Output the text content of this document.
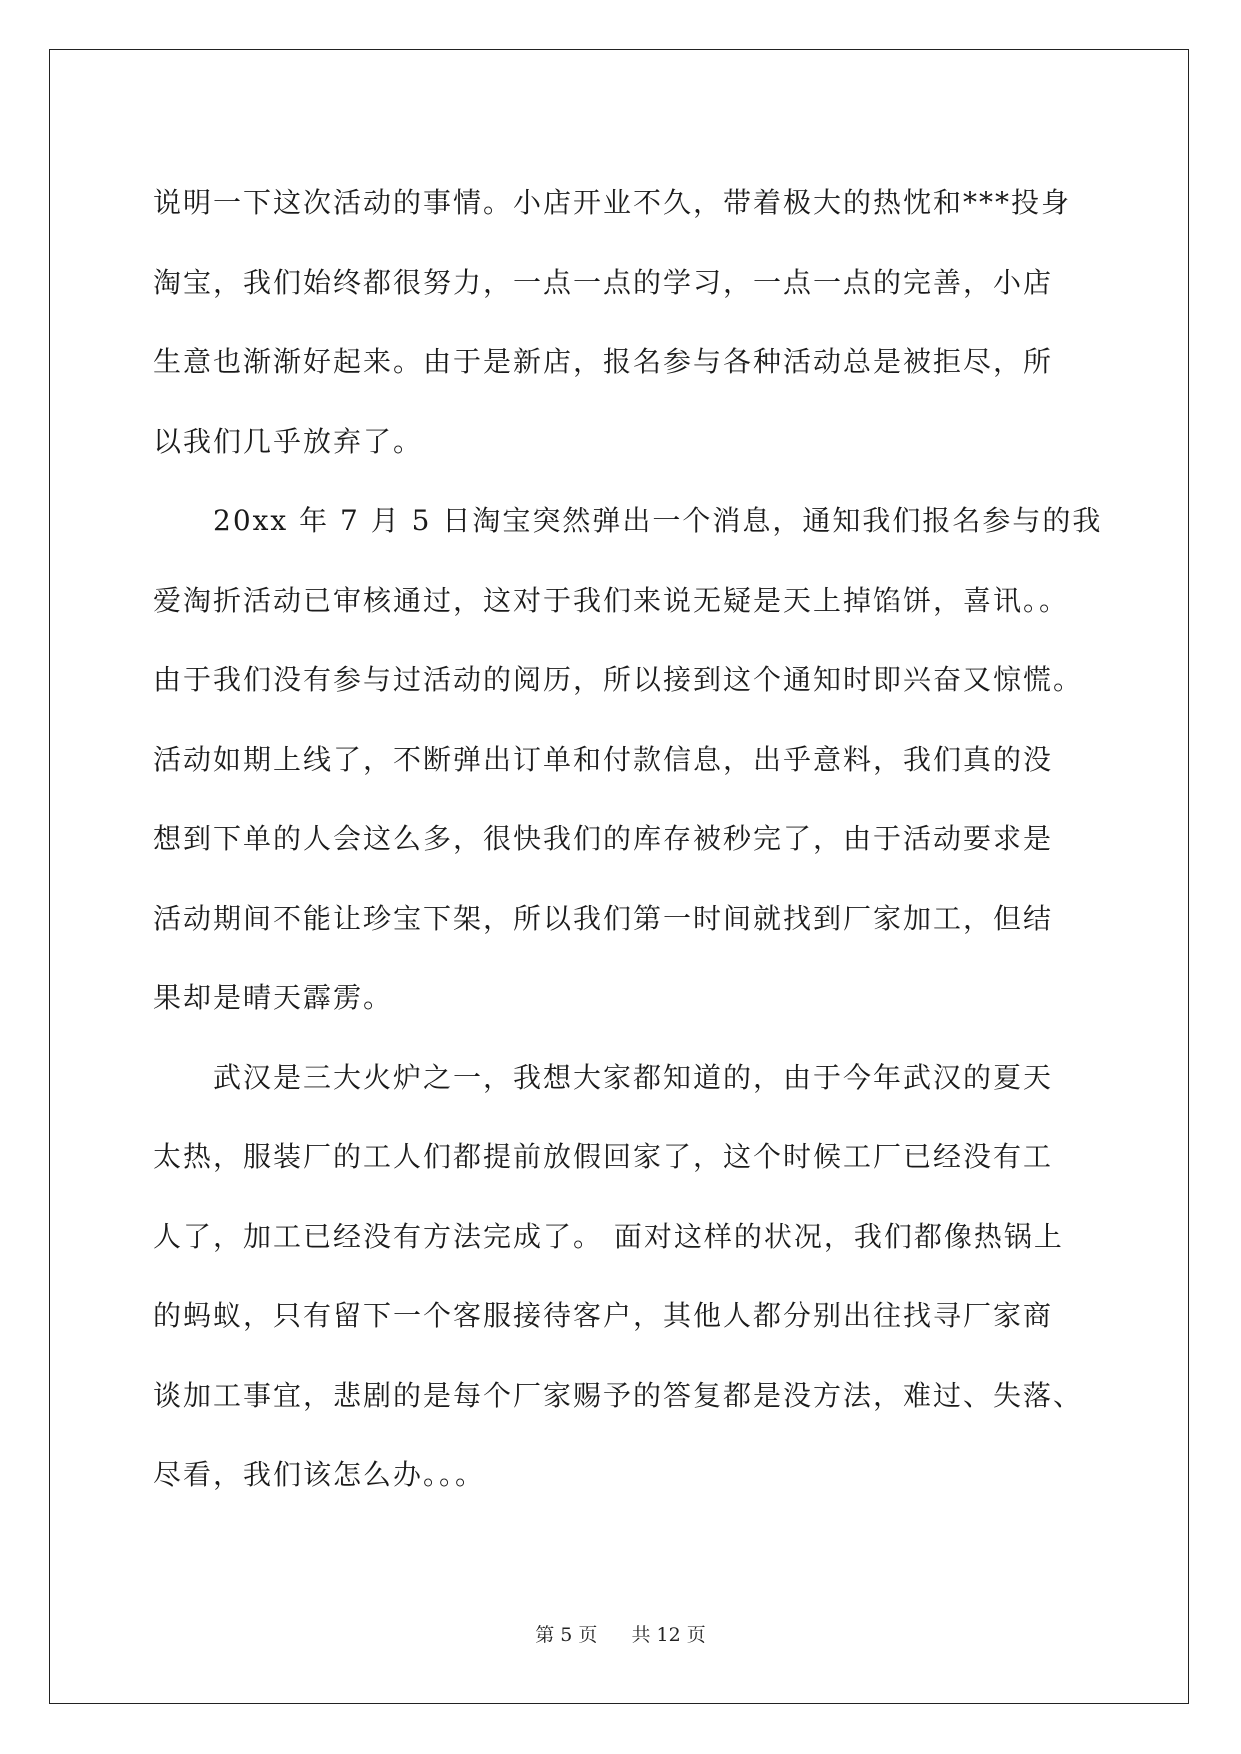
说明一下这次活动的事情。小店开业不久，带着极大的热忱和***投身
淘宝，我们始终都很努力，一点一点的学习，一点一点的完善，小店
生意也渐渐好起来。由于是新店，报名参与各种活动总是被拒尽，所
以我们几乎放弃了。

20xx 年 7 月 5 日淘宝突然弹出一个消息，通知我们报名参与的我
爱淘折活动已审核通过，这对于我们来说无疑是天上掉馅饼，喜讯。。
由于我们没有参与过活动的阅历，所以接到这个通知时即兴奋又惊慌。
活动如期上线了，不断弹出订单和付款信息，出乎意料，我们真的没
想到下单的人会这么多，很快我们的库存被秒完了，由于活动要求是
活动期间不能让珍宝下架，所以我们第一时间就找到厂家加工，但结
果却是晴天霹雳。

武汉是三大火炉之一，我想大家都知道的，由于今年武汉的夏天
太热，服装厂的工人们都提前放假回家了，这个时候工厂已经没有工
人了，加工已经没有方法完成了。 面对这样的状况，我们都像热锅上
的蚂蚁，只有留下一个客服接待客户，其他人都分别出往找寻厂家商
谈加工事宜，悲剧的是每个厂家赐予的答复都是没方法，难过、失落、
尽看，我们该怎么办。。。

第 5 页 共 12 页
